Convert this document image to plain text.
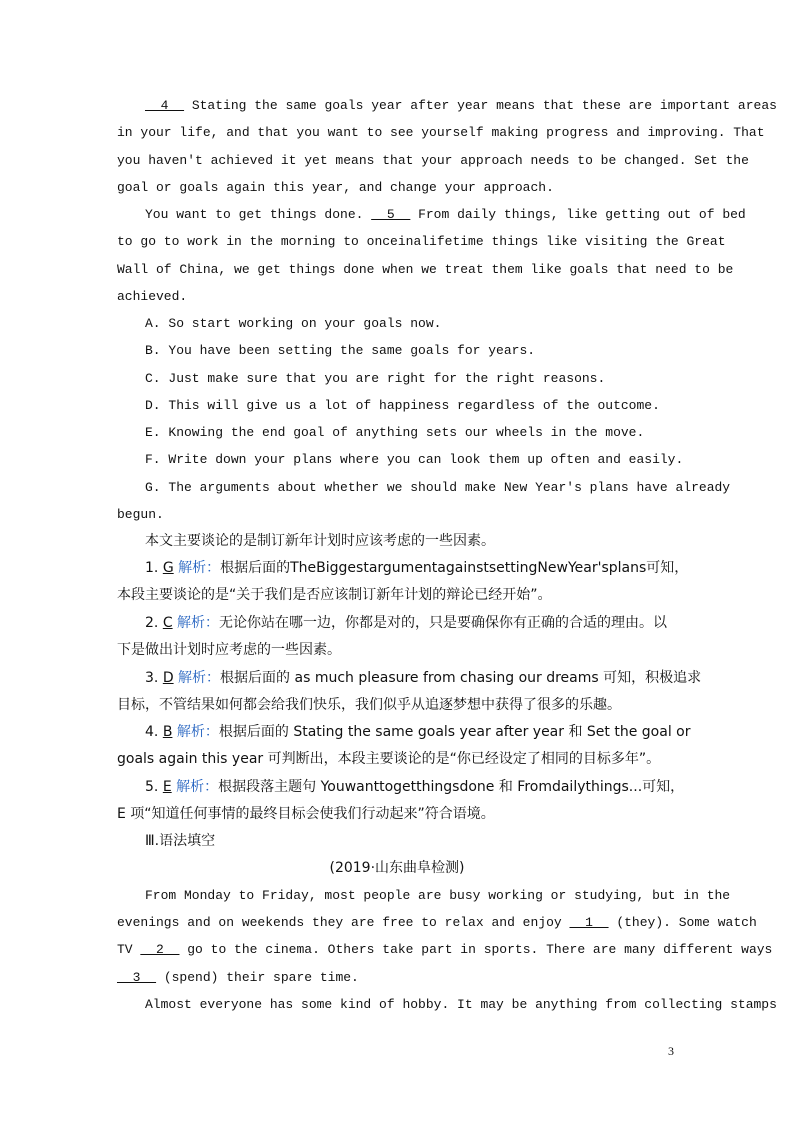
__4__ Stating the same goals year after year means that these are important areas
in your life, and that you want to see yourself making progress and improving. That
you haven't achieved it yet means that your approach needs to be changed. Set the
goal or goals again this year, and change your approach.
You want to get things done. __5__ From daily things, like getting out of bed
to go to work in the morning to onceinalifetime things like visiting the Great
Wall of China, we get things done when we treat them like goals that need to be
achieved.
A. So start working on your goals now.
B. You have been setting the same goals for years.
C. Just make sure that you are right for the right reasons.
D. This will give us a lot of happiness regardless of the outcome.
E. Knowing the end goal of anything sets our wheels in the move.
F. Write down your plans where you can look them up often and easily.
G. The arguments about whether we should make New Year's plans have already
begun.
本文主要谈论的是制订新年计划时应该考虑的一些因素。
1. G 解析：根据后面的TheBiggestargumentagainstsettingNewYear'splans可知，
本段主要谈论的是“关于我们是否应该制订新年计划的辩论已经开始”。
2. C 解析：无论你站在哪一边，你都是对的，只是要确保你有正确的合适的理由。以
下是做出计划时应考虑的一些因素。
3. D 解析：根据后面的 as much pleasure from chasing our dreams 可知，积极追求
目标，不管结果如何都会给我们快乐，我们似乎从追逐梦想中获得了很多的乐趣。
4. B 解析：根据后面的 Stating the same goals year after year 和 Set the goal or
goals again this year 可判断出，本段主要谈论的是“你已经设定了相同的目标多年”。
5. E 解析：根据段落主题句 Youwanttogetthingsdone 和 Fromdailythings...可知，
E 项“知道任何事情的最终目标会使我们行动起来”符合语境。
Ⅲ.语法填空
(2019·山东曲阜检测)
From Monday to Friday, most people are busy working or studying, but in the
evenings and on weekends they are free to relax and enjoy __1__ (they). Some watch
TV __2__ go to the cinema. Others take part in sports. There are many different ways
__3__ (spend) their spare time.
Almost everyone has some kind of hobby. It may be anything from collecting stamps
3
